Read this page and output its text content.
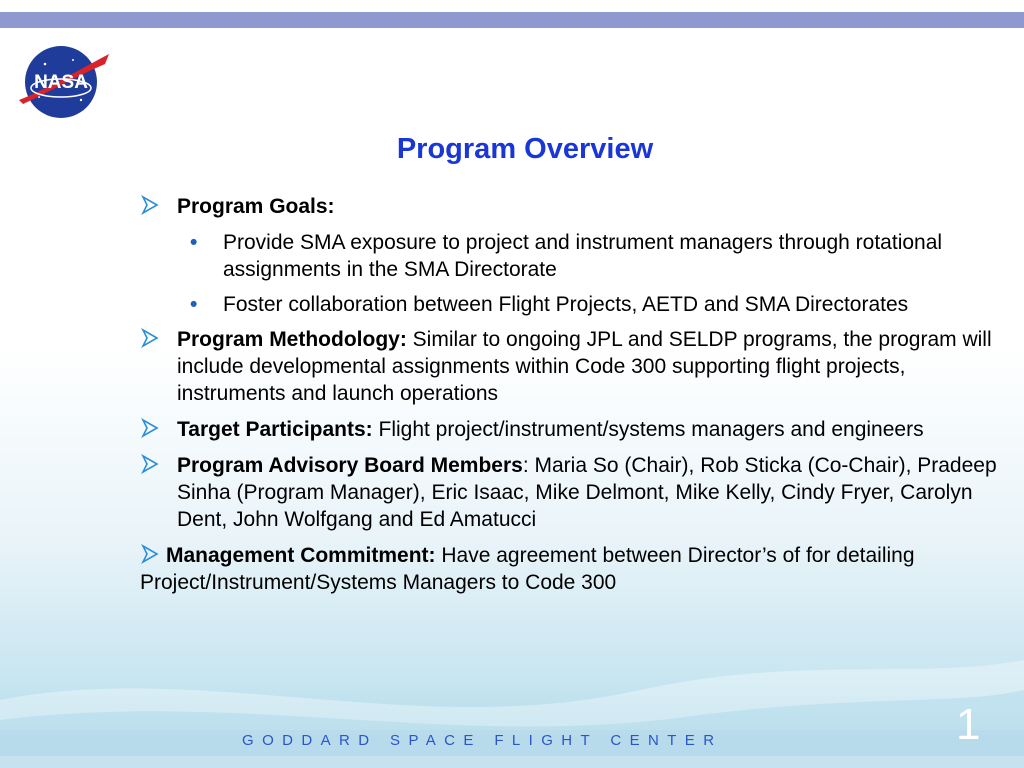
NASA
Program Overview
Program Goals:
• Provide SMA exposure to project and instrument managers through rotational assignments in the SMA Directorate
• Foster collaboration between Flight Projects, AETD and SMA Directorates
Program Methodology: Similar to ongoing JPL and SELDP programs, the program will include developmental assignments within Code 300 supporting flight projects, instruments and launch operations
Target Participants: Flight project/instrument/systems managers and engineers
Program Advisory Board Members: Maria So (Chair), Rob Sticka (Co-Chair), Pradeep Sinha (Program Manager), Eric Isaac, Mike Delmont, Mike Kelly, Cindy Fryer, Carolyn Dent, John Wolfgang and Ed Amatucci
Management Commitment: Have agreement between Director’s of for detailing Project/Instrument/Systems Managers to Code 300
GODDARD SPACE FLIGHT CENTER	1
